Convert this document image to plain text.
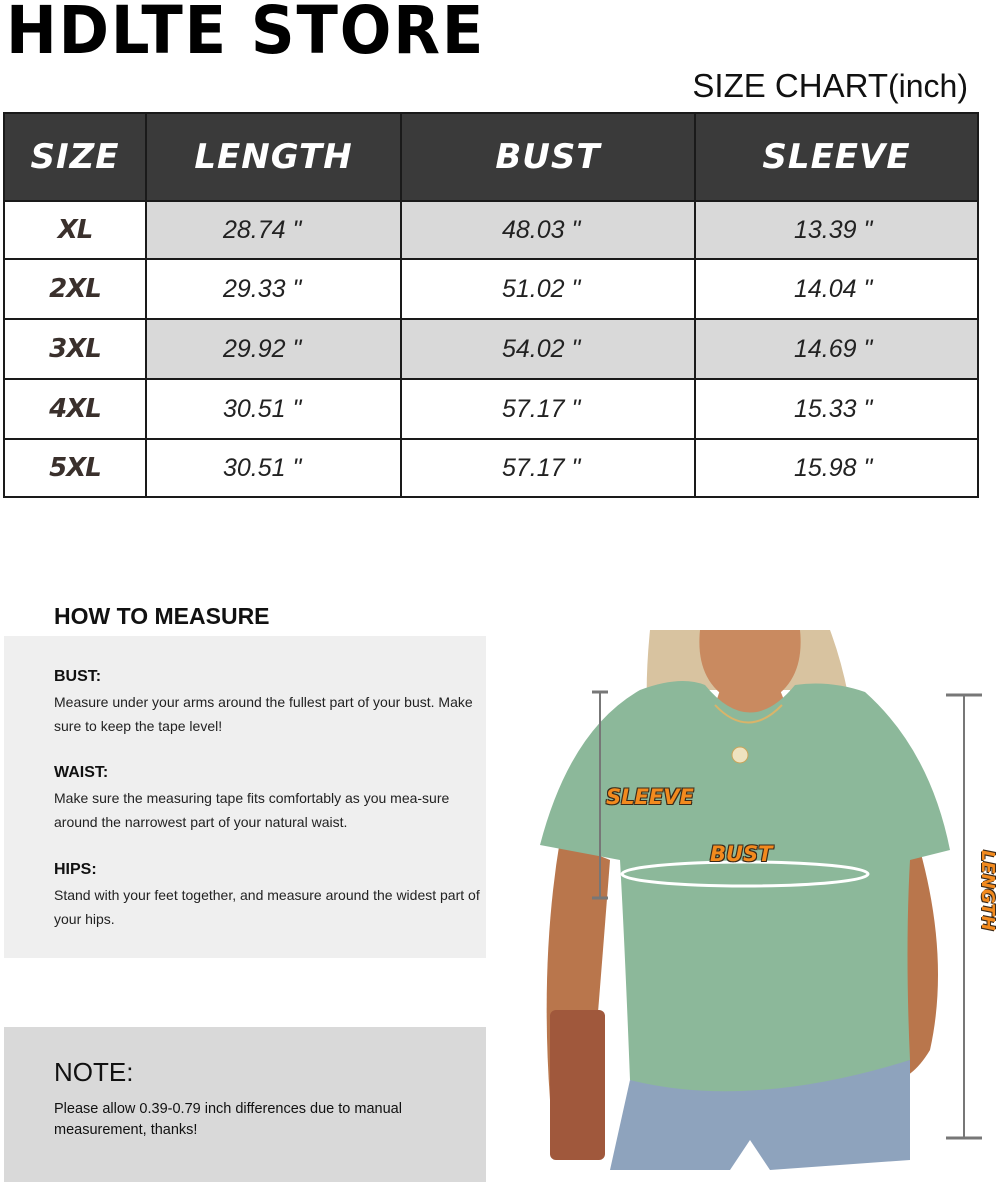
HDLTE STORE
SIZE CHART(inch)
SIZE	LENGTH	BUST	SLEEVE
XL	28.74 "	48.03 "	13.39 "
2XL	29.33 "	51.02 "	14.04 "
3XL	29.92 "	54.02 "	14.69 "
4XL	30.51 "	57.17 "	15.33 "
5XL	30.51 "	57.17 "	15.98 "
HOW TO MEASURE
BUST:
Measure under your arms around the fullest part of your bust. Make sure to keep the tape level!
WAIST:
Make sure the measuring tape fits comfortably as you mea-sure around the narrowest part of your natural waist.
HIPS:
Stand with your feet together, and measure around the widest part of your hips.
NOTE:
Please allow 0.39-0.79 inch differences due to manual measurement, thanks!
SLEEVE
BUST	LENGTH
